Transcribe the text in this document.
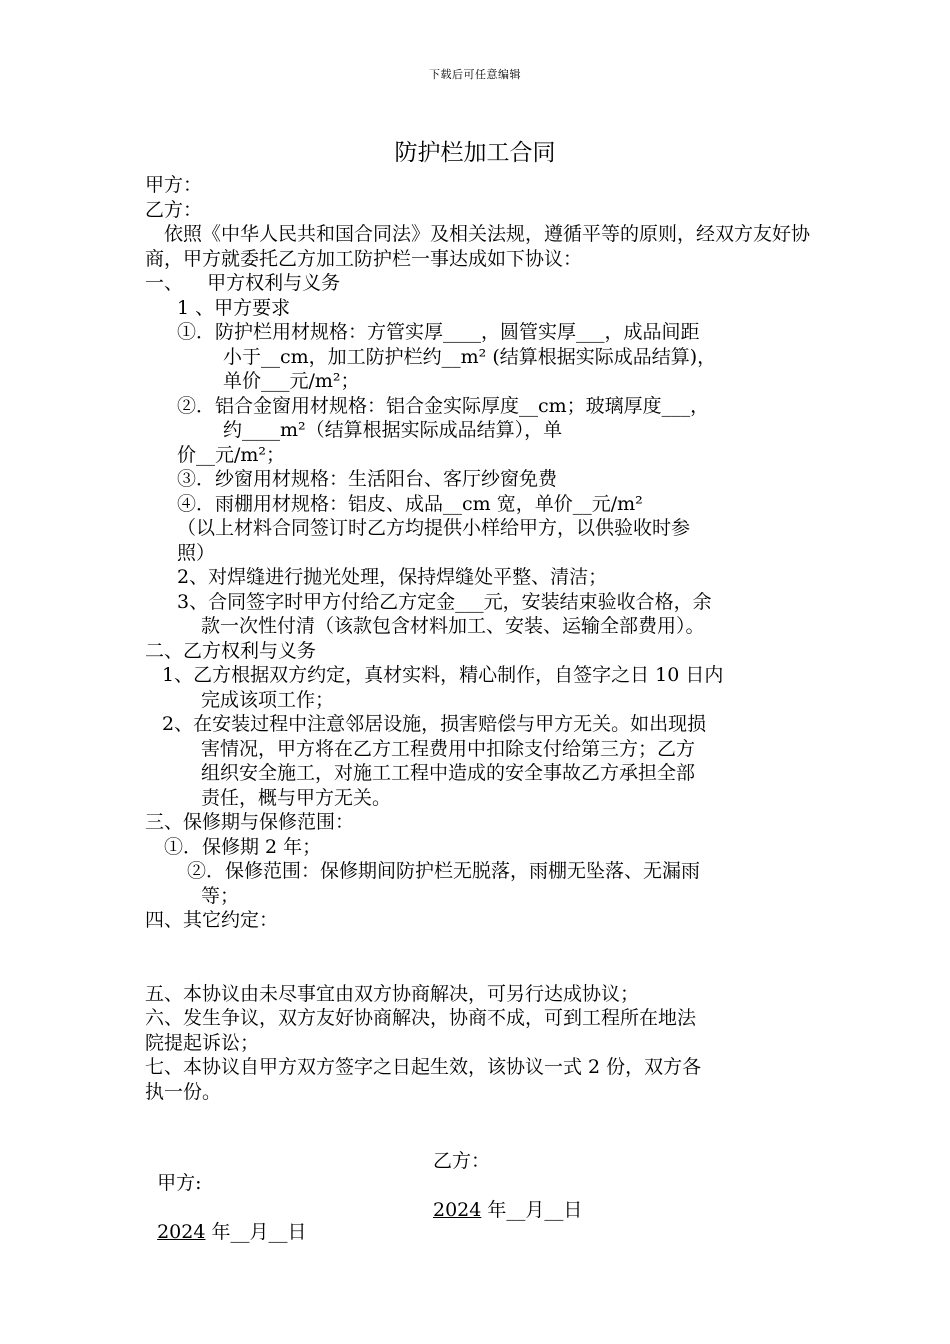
下载后可任意编辑
防护栏加工合同

甲方：

乙方：

依照《中华人民共和国合同法》及相关法规，遵循平等的原则，经双方友好协商，甲方就委托乙方加工防护栏一事达成如下协议：

一、    甲方权利与义务

1 、甲方要求

①．防护栏用材规格：方管实厚____，圆管实厚___，成品间距

小于__cm，加工防护栏约__m² (结算根据实际成品结算)，

单价___元/m²；

②．铝合金窗用材规格：铝合金实际厚度__cm；玻璃厚度___，

约____m²（结算根据实际成品结算），单

价__元/m²；

③．纱窗用材规格：生活阳台、客厅纱窗免费

④．雨棚用材规格：铝皮、成品__cm 宽，单价__元/m²

（以上材料合同签订时乙方均提供小样给甲方，以供验收时参

照）

2、对焊缝进行抛光处理，保持焊缝处平整、清洁；

3、合同签字时甲方付给乙方定金___元，安装结束验收合格，余

款一次性付清（该款包含材料加工、安装、运输全部费用）。

二、乙方权利与义务

1、乙方根据双方约定，真材实料，精心制作，自签字之日 10 日内

完成该项工作；

2、在安装过程中注意邻居设施，损害赔偿与甲方无关。如出现损

害情况，甲方将在乙方工程费用中扣除支付给第三方；乙方

组织安全施工，对施工工程中造成的安全事故乙方承担全部

责任，概与甲方无关。

三、保修期与保修范围：

①．保修期 2 年；

②．保修范围：保修期间防护栏无脱落，雨棚无坠落、无漏雨

等；

四、其它约定：

五、本协议由未尽事宜由双方协商解决，可另行达成协议；

六、发生争议，双方友好协商解决，协商不成，可到工程所在地法

院提起诉讼；

七、本协议自甲方双方签字之日起生效，该协议一式 2 份，双方各

执一份。

甲方:

乙方：

2024 年__月__日

2024 年__月__日
